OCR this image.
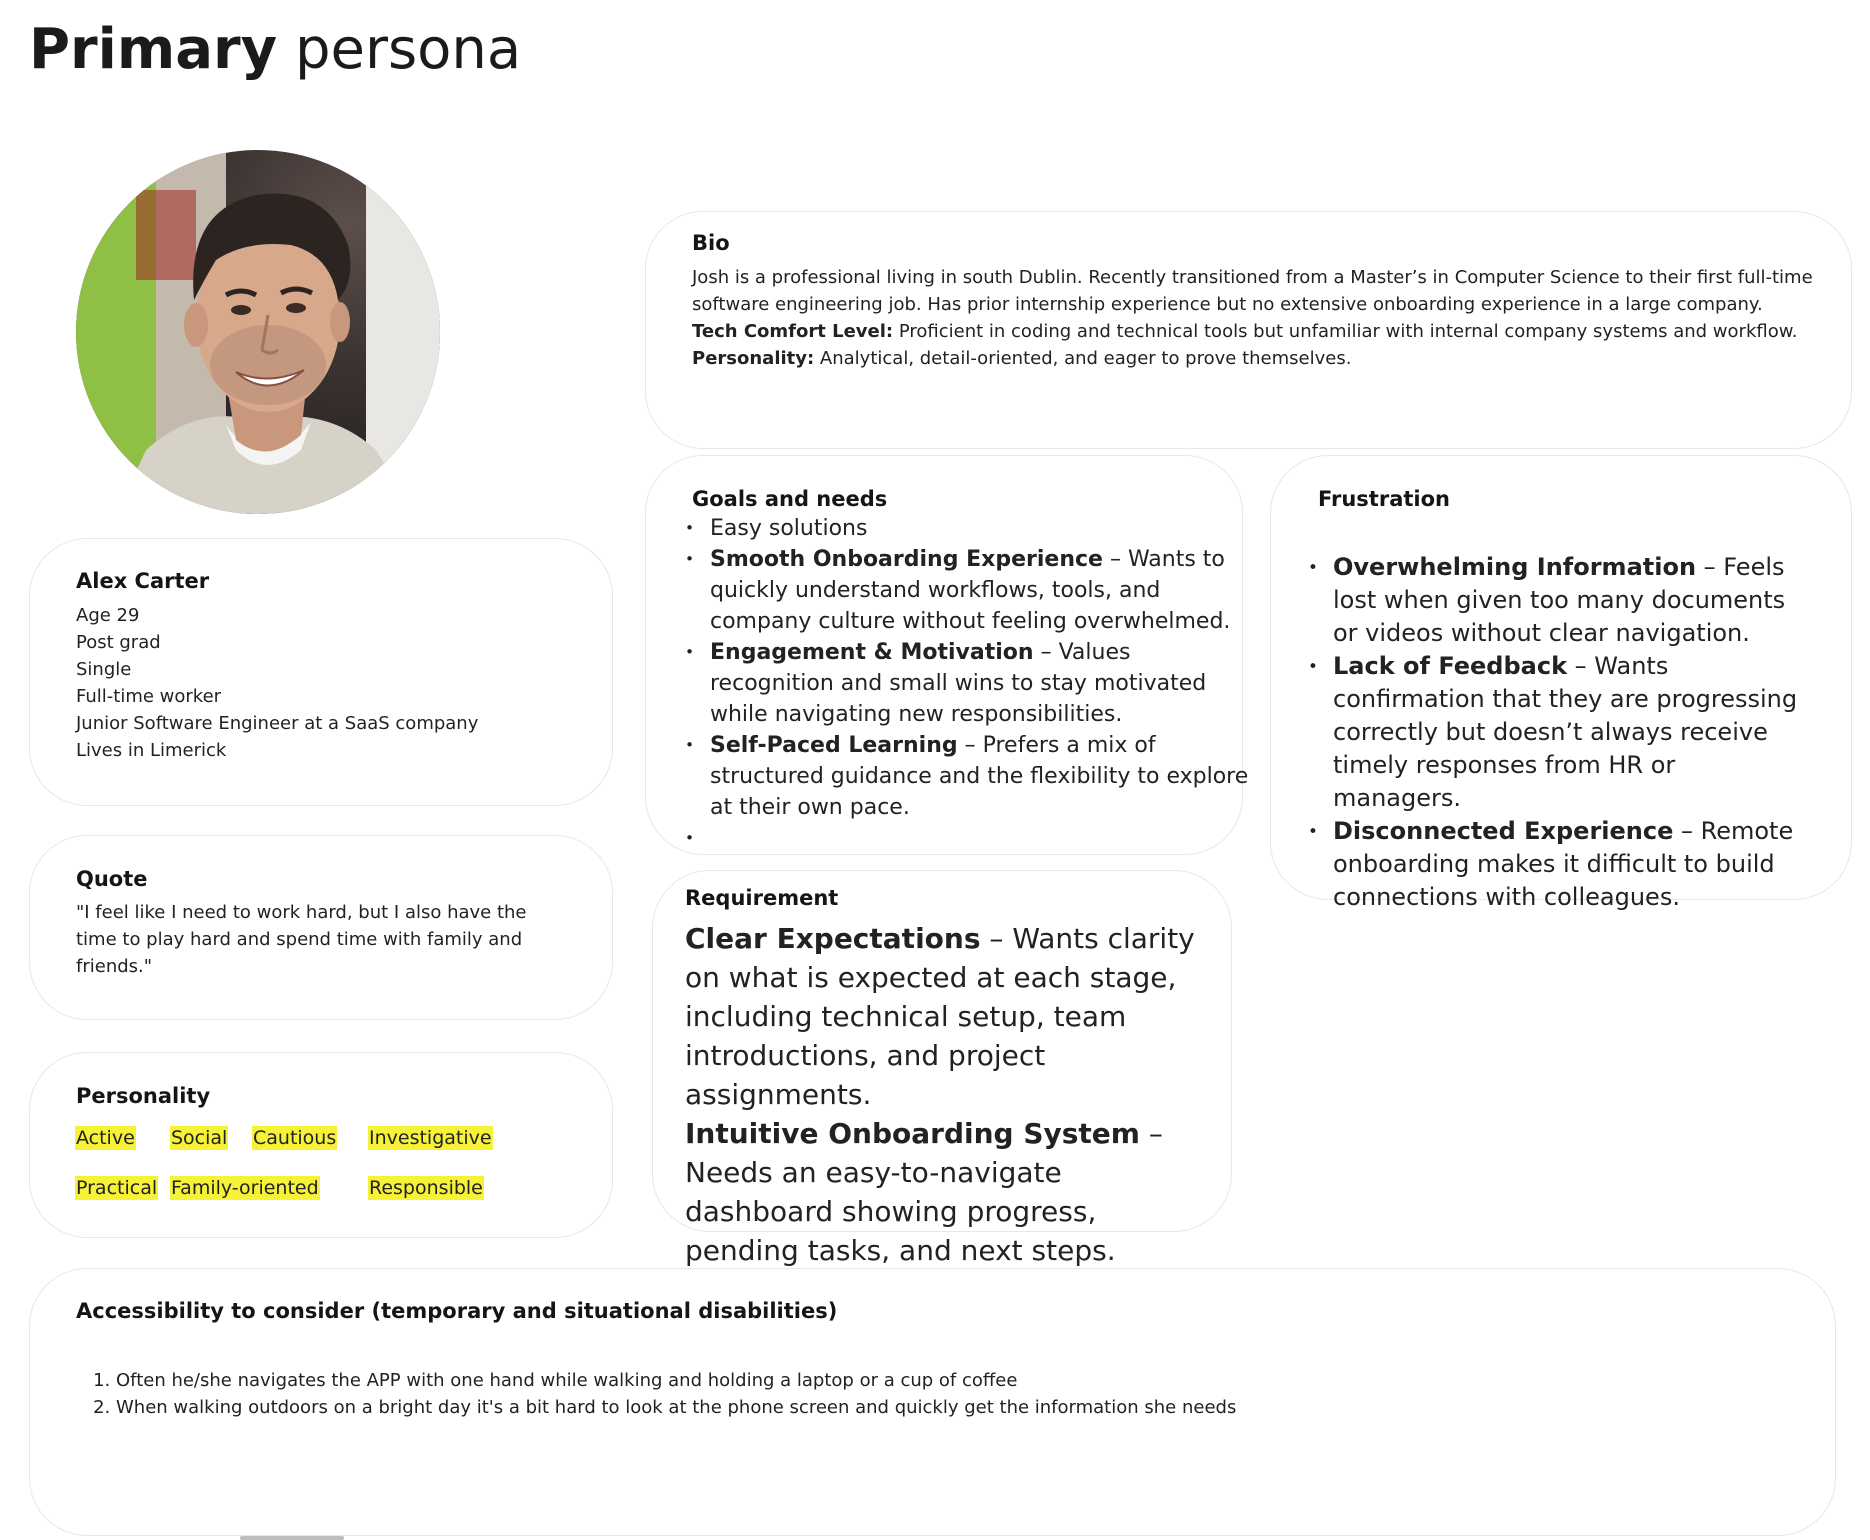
Primary persona
Alex Carter
Age 29
Post grad
Single
Full-time worker
Junior Software Engineer at a SaaS company
Lives in Limerick
Quote
"I feel like I need to work hard, but I also have the
time to play hard and spend time with family and
friends."
Personality
Active Social Cautious Investigative
Practical Family-oriented	Responsible
Bio
Josh is a professional living in south Dublin. Recently transitioned from a Master’s in Computer Science to their first full-time
software engineering job. Has prior internship experience but no extensive onboarding experience in a large company.
Tech Comfort Level: Proficient in coding and technical tools but unfamiliar with internal company systems and workflow.
Personality: Analytical, detail-oriented, and eager to prove themselves.
Goals and needs
• Easy solutions
• Smooth Onboarding Experience – Wants to quickly understand workflows, tools, and company culture without feeling overwhelmed.
• Engagement & Motivation – Values recognition and small wins to stay motivated while navigating new responsibilities.
• Self-Paced Learning – Prefers a mix of structured guidance and the flexibility to explore at their own pace.
•
Frustration
• Overwhelming Information – Feels lost when given too many documents or videos without clear navigation.
• Lack of Feedback – Wants confirmation that they are progressing correctly but doesn’t always receive timely responses from HR or managers.
• Disconnected Experience – Remote onboarding makes it difficult to build connections with colleagues.
Requirement
Clear Expectations – Wants clarity on what is expected at each stage, including technical setup, team introductions, and project assignments.
Intuitive Onboarding System – Needs an easy-to-navigate dashboard showing progress, pending tasks, and next steps.
Accessibility to consider (temporary and situational disabilities)
1. Often he/she navigates the APP with one hand while walking and holding a laptop or a cup of coffee
2. When walking outdoors on a bright day it's a bit hard to look at the phone screen and quickly get the information she needs
